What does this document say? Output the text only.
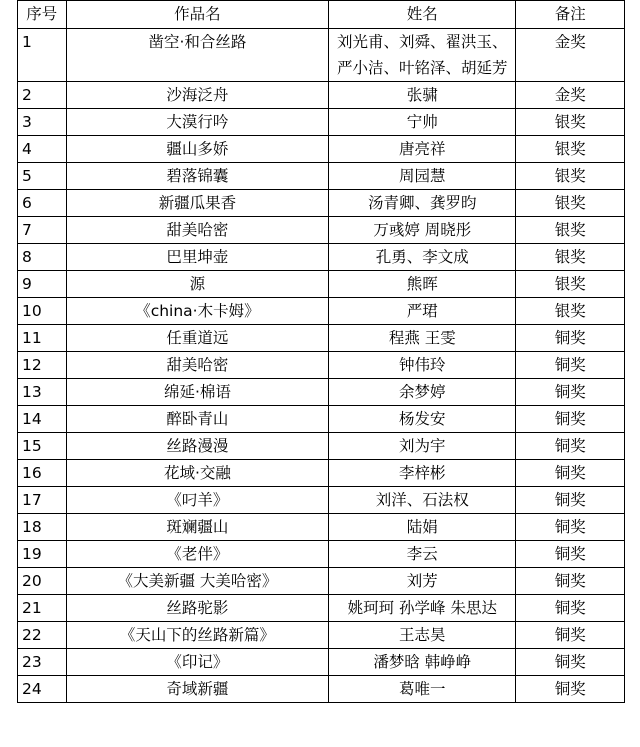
序号	作品名	姓名	备注
1	凿空·和合丝路	刘光甫、刘舜、翟洪玉、严小洁、叶铭泽、胡延芳	金奖
2	沙海泛舟	张骕	金奖
3	大漠行吟	宁帅	银奖
4	疆山多娇	唐亮祥	银奖
5	碧落锦囊	周园慧	银奖
6	新疆瓜果香	汤青卿、龚罗昀	银奖
7	甜美哈密	万彧婷 周晓彤	银奖
8	巴里坤壶	孔勇、李文成	银奖
9	源	熊晖	银奖
10	《china·木卡姆》	严珺	银奖
11	任重道远	程燕 王雯	铜奖
12	甜美哈密	钟伟玲	铜奖
13	绵延·棉语	余梦婷	铜奖
14	醉卧青山	杨发安	铜奖
15	丝路漫漫	刘为宇	铜奖
16	花域·交融	李梓彬	铜奖
17	《叼羊》	刘洋、石法权	铜奖
18	斑斓疆山	陆娟	铜奖
19	《老伴》	李云	铜奖
20	《大美新疆 大美哈密》	刘芳	铜奖
21	丝路驼影	姚珂珂 孙学峰 朱思达	铜奖
22	《天山下的丝路新篇》	王志昊	铜奖
23	《印记》	潘梦晗 韩峥峥	铜奖
24	奇域新疆	葛唯一	铜奖
